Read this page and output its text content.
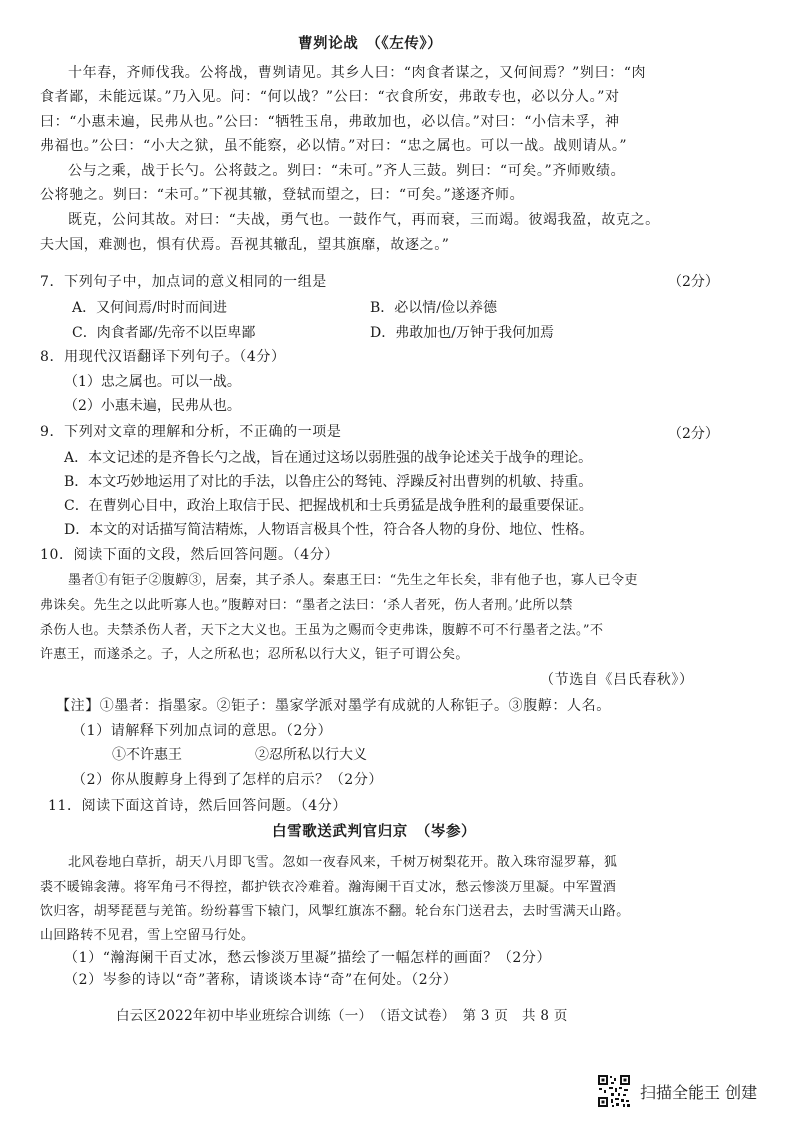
曹刿论战　（《左传》）
十年春，齐师伐我。公将战，曹刿请见。其乡人曰：“肉食者谋之，又何间焉？”刿曰：“肉
食者鄙，未能远谋。”乃入见。问：“何以战？”公曰：“衣食所安，弗敢专也，必以分人。”对
曰：“小惠未遍，民弗从也。”公曰：“牺牲玉帛，弗敢加也，必以信。”对曰：“小信未孚，神
弗福也。”公曰：“小大之狱，虽不能察，必以情。”对曰：“忠之属也。可以一战。战则请从。”
公与之乘，战于长勺。公将鼓之。刿曰：“未可。”齐人三鼓。刿曰：“可矣。”齐师败绩。
公将驰之。刿曰：“未可。”下视其辙，登轼而望之，曰：“可矣。”遂逐齐师。
既克，公问其故。对曰：“夫战，勇气也。一鼓作气，再而衰，三而竭。彼竭我盈，故克之。
夫大国，难测也，惧有伏焉。吾视其辙乱，望其旗靡，故逐之。”
7．下列句子中，加点词的意义相同的一组是	（2分）
A．又何间焉/时时而间进	B．必以情/俭以养德
C．肉食者鄙/先帝不以臣卑鄙	D．弗敢加也/万钟于我何加焉
8．用现代汉语翻译下列句子。（4分）
（1）忠之属也。可以一战。
（2）小惠未遍，民弗从也。
9．下列对文章的理解和分析，不正确的一项是	（2分）
A．本文记述的是齐鲁长勺之战，旨在通过这场以弱胜强的战争论述关于战争的理论。
B．本文巧妙地运用了对比的手法，以鲁庄公的驽钝、浮躁反衬出曹刿的机敏、持重。
C．在曹刿心目中，政治上取信于民、把握战机和士兵勇猛是战争胜利的最重要保证。
D．本文的对话描写简洁精炼，人物语言极具个性，符合各人物的身份、地位、性格。
10．阅读下面的文段，然后回答问题。（4分）
墨者①有钜子②腹䵍③，居秦，其子杀人。秦惠王曰：“先生之年长矣，非有他子也，寡人已令吏
弗诛矣。先生之以此听寡人也。”腹䵍对曰：“墨者之法曰：‘杀人者死，伤人者刑。’此所以禁
杀伤人也。夫禁杀伤人者，天下之大义也。王虽为之赐而令吏弗诛，腹䵍不可不行墨者之法。”不
许惠王，而遂杀之。子，人之所私也；忍所私以行大义，钜子可谓公矣。
（节选自《吕氏春秋》）
【注】①墨者：指墨家。②钜子：墨家学派对墨学有成就的人称钜子。③腹䵍：人名。
（1）请解释下列加点词的意思。（2分）
①不许惠王	②忍所私以行大义
（2）你从腹䵍身上得到了怎样的启示？（2分）
11．阅读下面这首诗，然后回答问题。（4分）
白雪歌送武判官归京　（岑参）
北风卷地白草折，胡天八月即飞雪。忽如一夜春风来，千树万树梨花开。散入珠帘湿罗幕，狐
裘不暖锦衾薄。将军角弓不得控，都护铁衣冷难着。瀚海阑干百丈冰，愁云惨淡万里凝。中军置酒
饮归客，胡琴琵琶与羌笛。纷纷暮雪下辕门，风掣红旗冻不翻。轮台东门送君去，去时雪满天山路。
山回路转不见君，雪上空留马行处。
（1）“瀚海阑干百丈冰，愁云惨淡万里凝”描绘了一幅怎样的画面？（2分）
（2）岑参的诗以“奇”著称，请谈谈本诗“奇”在何处。（2分）
白云区2022年初中毕业班综合训练（一）　（语文试卷）　第 3 页　共 8 页
扫描全能王 创建
